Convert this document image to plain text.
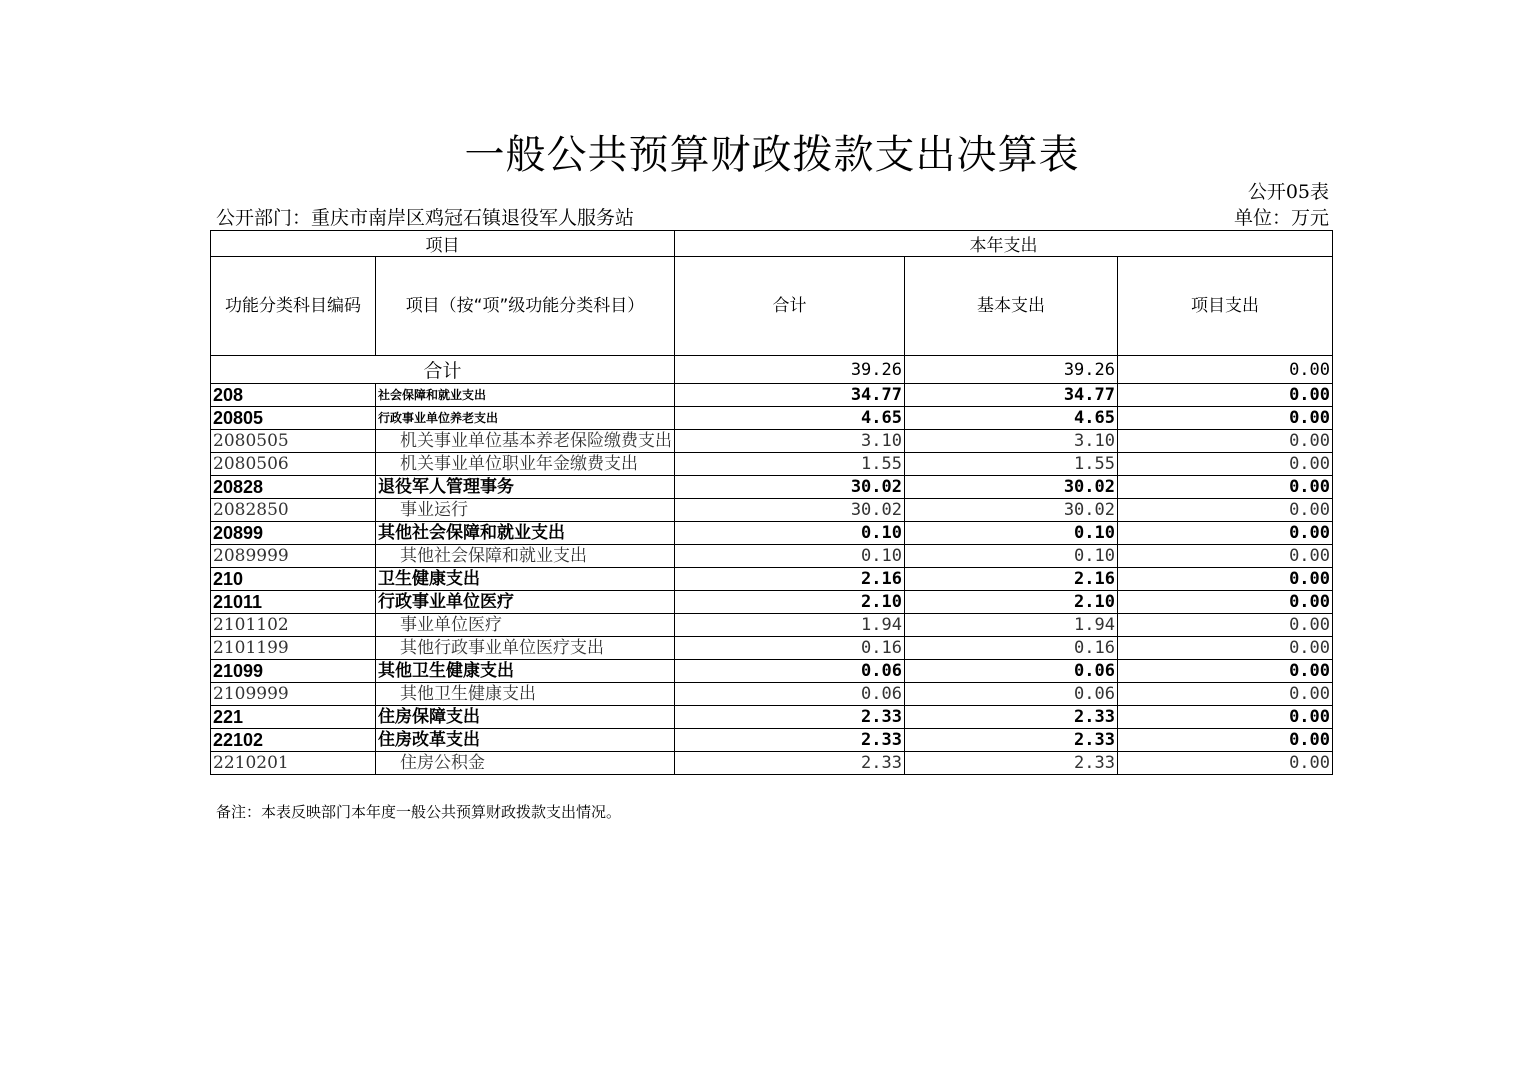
一般公共预算财政拨款支出决算表
公开05表
公开部门：重庆市南岸区鸡冠石镇退役军人服务站	单位：万元
项目		本年支出		
功能分类科目编码	项目（按“项”级功能分类科目）	合计	基本支出	项目支出
合计		39.26	39.26	0.00
208	社会保障和就业支出	34.77	34.77	0.00
20805	行政事业单位养老支出	4.65	4.65	0.00
2080505	机关事业单位基本养老保险缴费支出	3.10	3.10	0.00
2080506	机关事业单位职业年金缴费支出	1.55	1.55	0.00
20828	退役军人管理事务	30.02	30.02	0.00
2082850	事业运行	30.02	30.02	0.00
20899	其他社会保障和就业支出	0.10	0.10	0.00
2089999	其他社会保障和就业支出	0.10	0.10	0.00
210	卫生健康支出	2.16	2.16	0.00
21011	行政事业单位医疗	2.10	2.10	0.00
2101102	事业单位医疗	1.94	1.94	0.00
2101199	其他行政事业单位医疗支出	0.16	0.16	0.00
21099	其他卫生健康支出	0.06	0.06	0.00
2109999	其他卫生健康支出	0.06	0.06	0.00
221	住房保障支出	2.33	2.33	0.00
22102	住房改革支出	2.33	2.33	0.00
2210201	住房公积金	2.33	2.33	0.00
备注：本表反映部门本年度一般公共预算财政拨款支出情况。
